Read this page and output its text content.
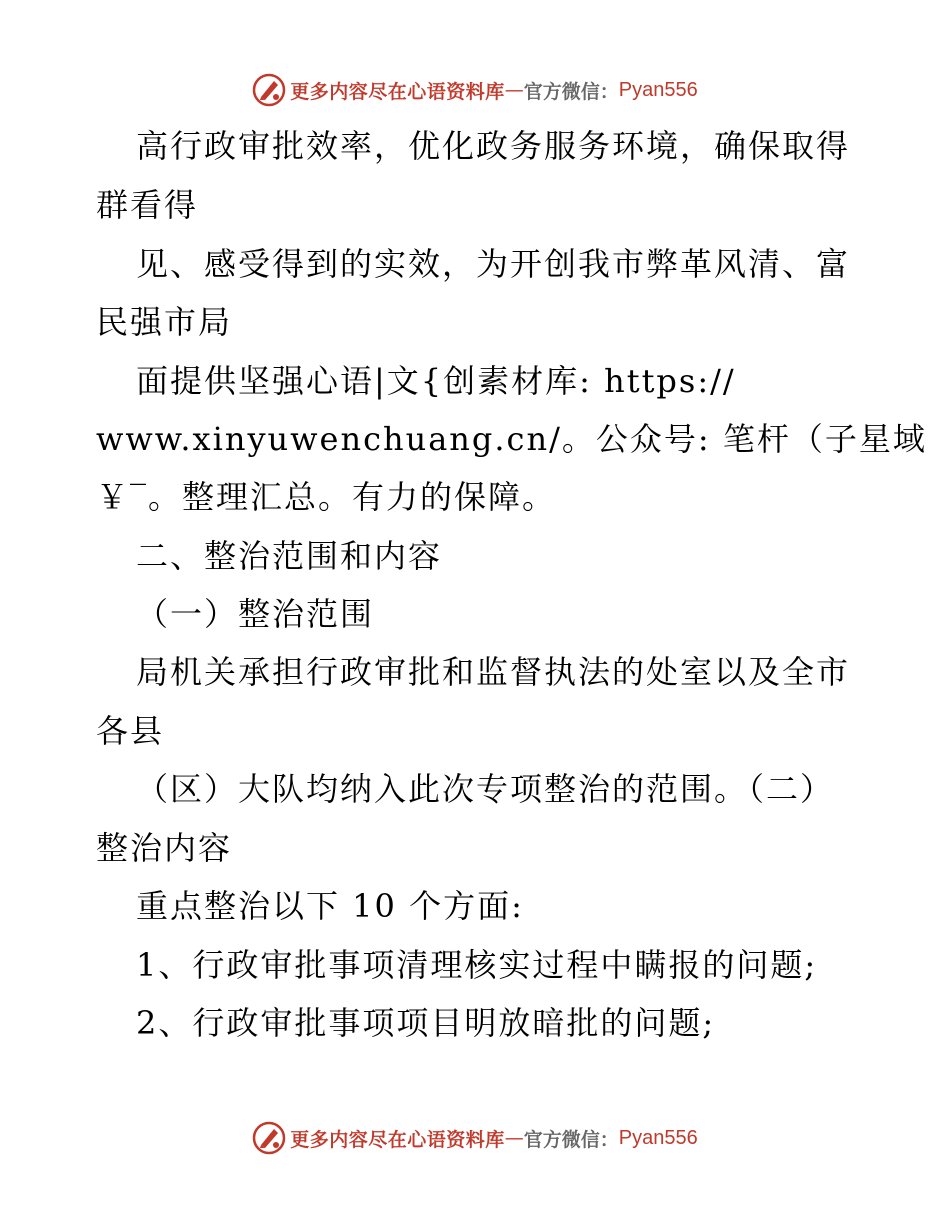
更多内容尽在心语资料库 — 官方微信： Pyan556
高行政审批效率，优化政务服务环境，确保取得
群看得
见、感受得到的实效，为开创我市弊革风清、富
民强市局
面提供坚强心语|文{创素材库: https://
www.xinyuwenchuang.cn/。公众号: 笔杆（子星域
￥‾。整理汇总。有力的保障。
二、整治范围和内容
（一）整治范围
局机关承担行政审批和监督执法的处室以及全市
各县
（区）大队均纳入此次专项整治的范围。（二）
整治内容
重点整治以下 10 个方面:
1、行政审批事项清理核实过程中瞒报的问题;
2、行政审批事项项目明放暗批的问题;
更多内容尽在心语资料库 — 官方微信： Pyan556
